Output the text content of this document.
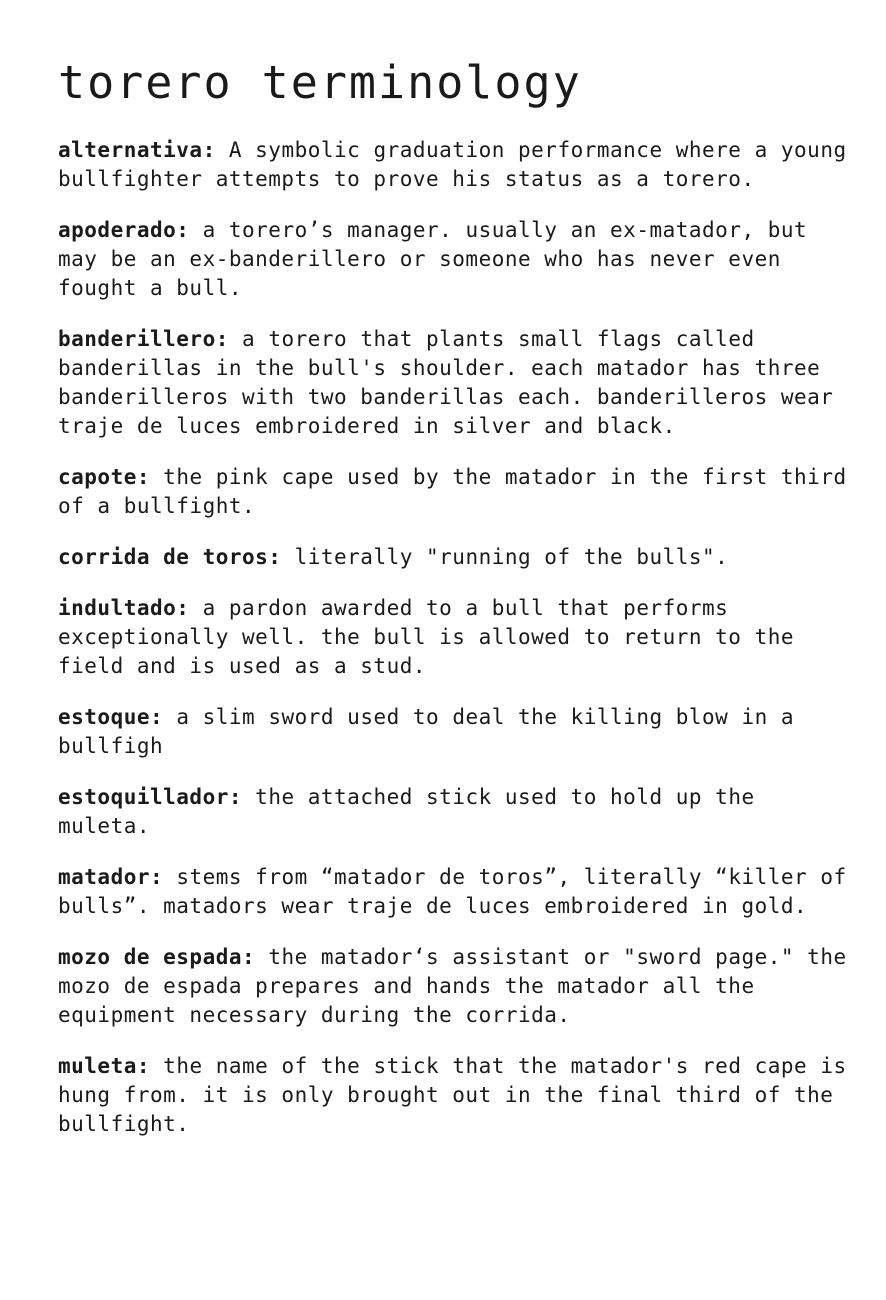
torero terminology

alternativa: A symbolic graduation performance where a young bullfighter attempts to prove his status as a torero.

apoderado: a torero’s manager. usually an ex-matador, but may be an ex-banderillero or someone who has never even fought a bull.

banderillero: a torero that plants small flags called banderillas in the bull's shoulder. each matador has three banderilleros with two banderillas each. banderilleros wear traje de luces embroidered in silver and black.

capote: the pink cape used by the matador in the first third of a bullfight.

corrida de toros: literally "running of the bulls".

indultado: a pardon awarded to a bull that performs exceptionally well. the bull is allowed to return to the field and is used as a stud.

estoque: a slim sword used to deal the killing blow in a bullfigh

estoquillador: the attached stick used to hold up the muleta.

matador: stems from “matador de toros”, literally “killer of bulls”. matadors wear traje de luces embroidered in gold.

mozo de espada: the matador‘s assistant or "sword page." the mozo de espada prepares and hands the matador all the equipment necessary during the corrida.

muleta: the name of the stick that the matador's red cape is hung from. it is only brought out in the final third of the bullfight.
